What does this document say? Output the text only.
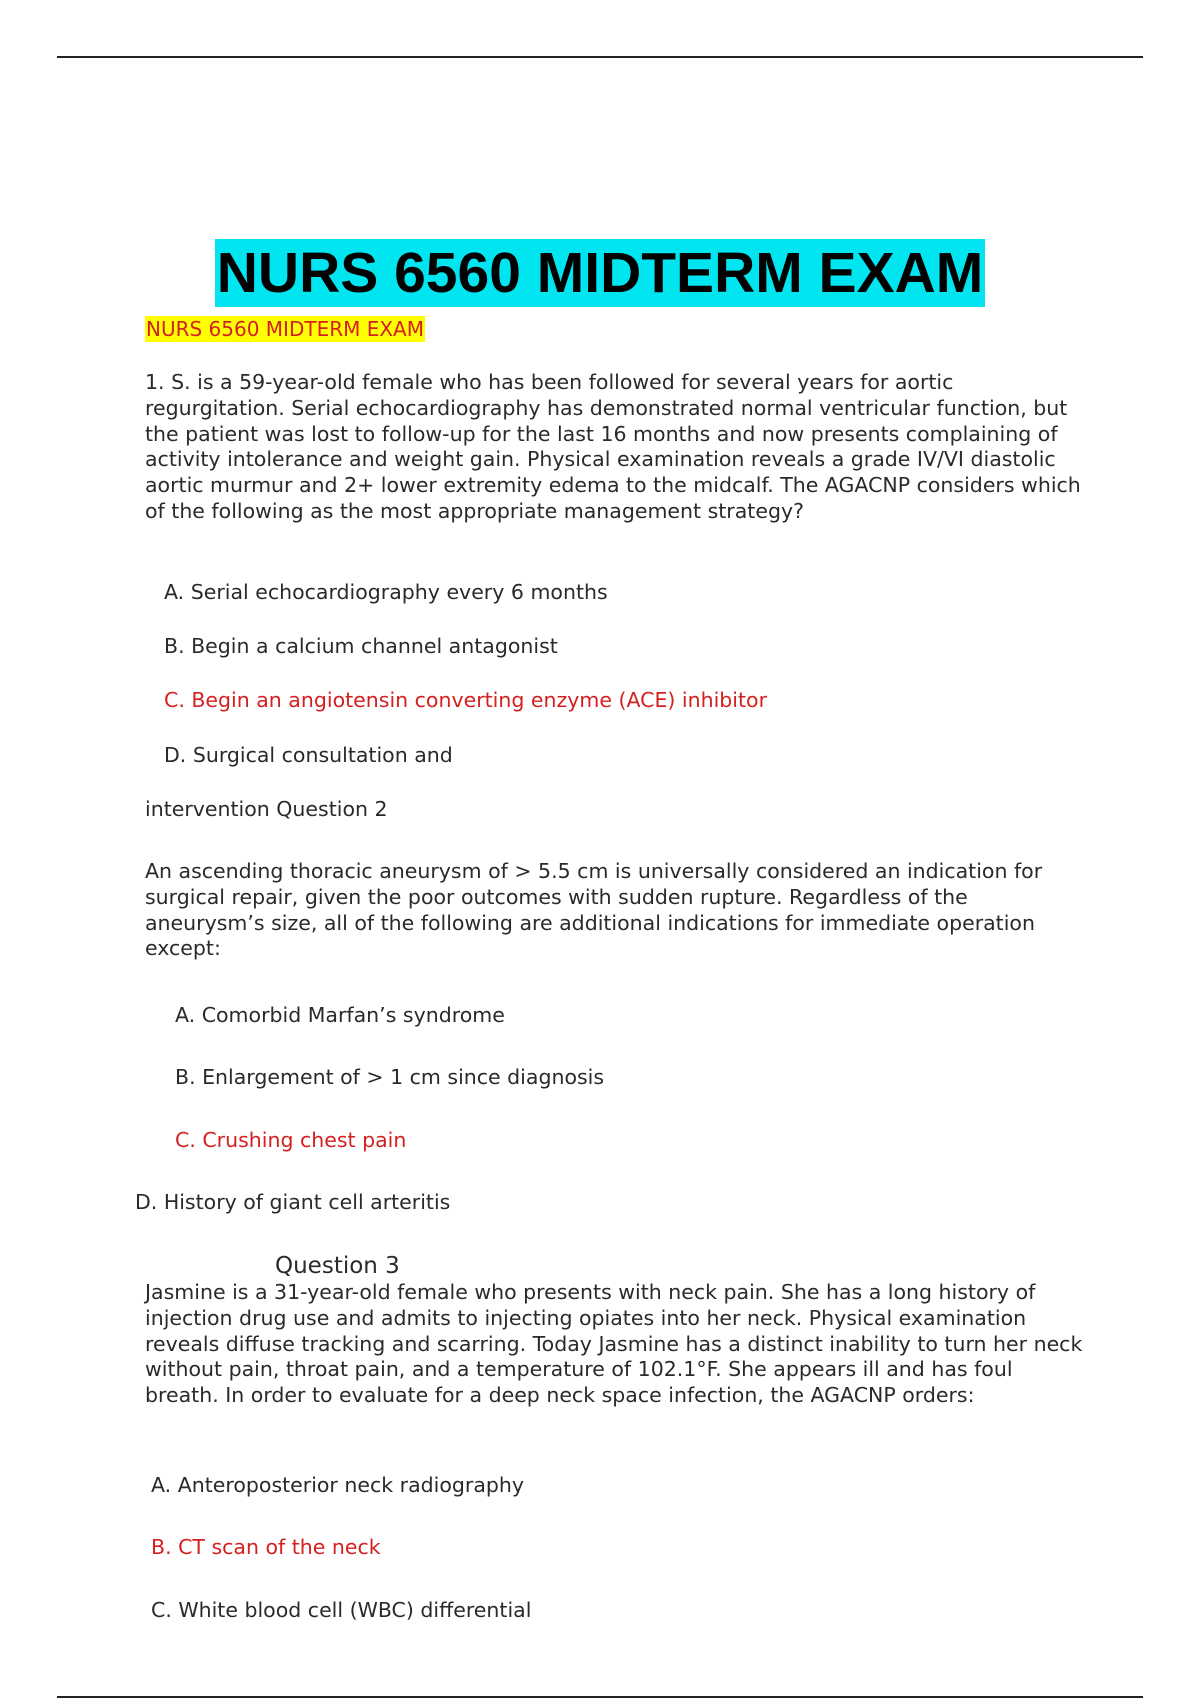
NURS 6560 MIDTERM EXAM

NURS 6560 MIDTERM EXAM

1. S. is a 59-year-old female who has been followed for several years for aortic regurgitation. Serial echocardiography has demonstrated normal ventricular function, but the patient was lost to follow-up for the last 16 months and now presents complaining of activity intolerance and weight gain. Physical examination reveals a grade IV/VI diastolic aortic murmur and 2+ lower extremity edema to the midcalf. The AGACNP considers which of the following as the most appropriate management strategy?

A. Serial echocardiography every 6 months

B. Begin a calcium channel antagonist

C. Begin an angiotensin converting enzyme (ACE) inhibitor

D. Surgical consultation and

intervention Question 2

An ascending thoracic aneurysm of > 5.5 cm is universally considered an indication for surgical repair, given the poor outcomes with sudden rupture. Regardless of the aneurysm’s size, all of the following are additional indications for immediate operation except:

A. Comorbid Marfan’s syndrome

B. Enlargement of > 1 cm since diagnosis

C. Crushing chest pain

D. History of giant cell arteritis

Question 3

Jasmine is a 31-year-old female who presents with neck pain. She has a long history of injection drug use and admits to injecting opiates into her neck. Physical examination reveals diffuse tracking and scarring. Today Jasmine has a distinct inability to turn her neck without pain, throat pain, and a temperature of 102.1°F. She appears ill and has foul breath. In order to evaluate for a deep neck space infection, the AGACNP orders:

A. Anteroposterior neck radiography

B. CT scan of the neck

C. White blood cell (WBC) differential
